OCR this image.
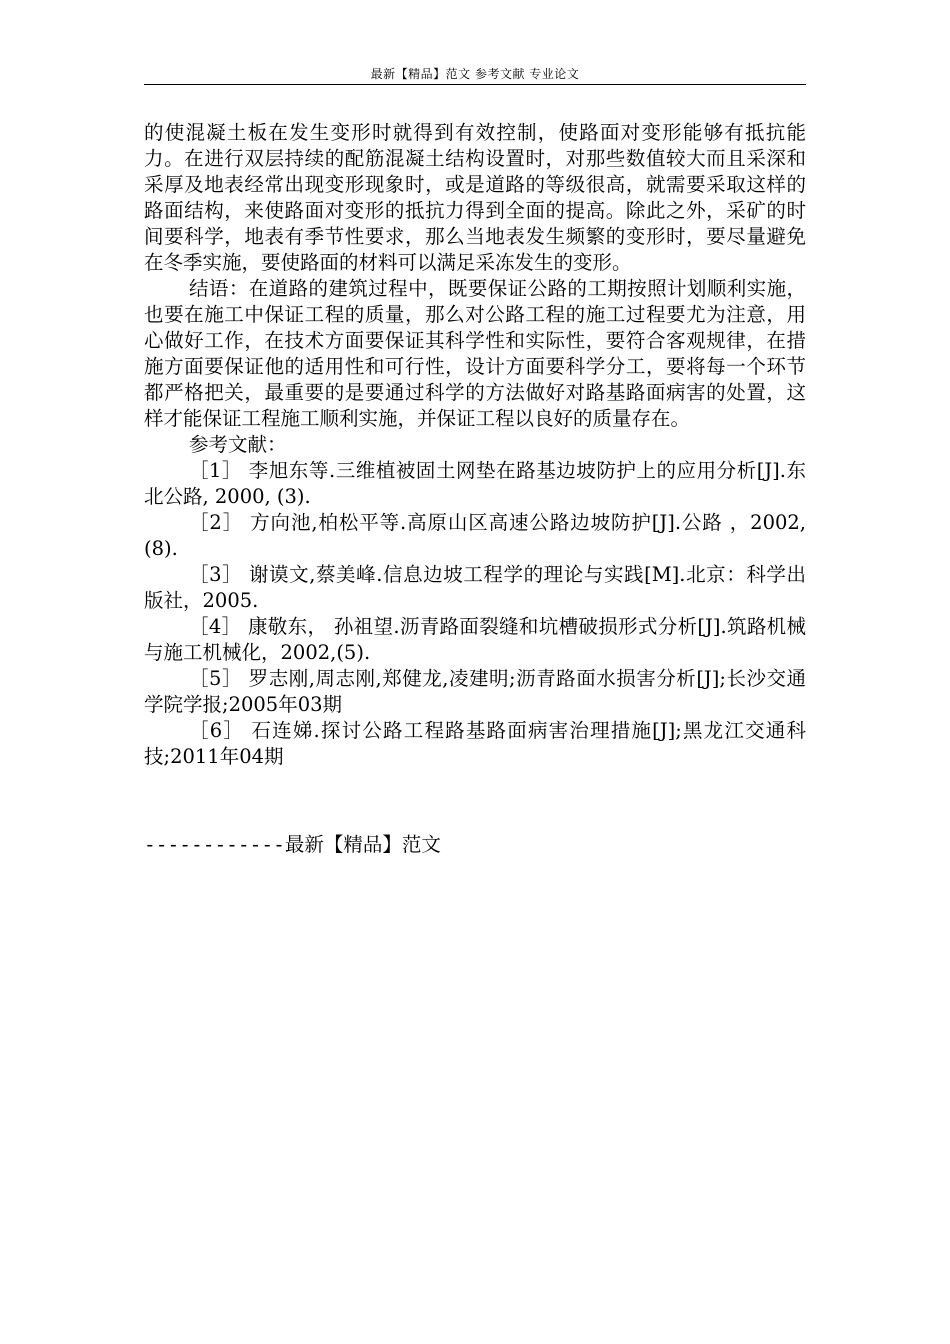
最新【精品】范文 参考文献 专业论文

的使混凝土板在发生变形时就得到有效控制，使路面对变形能够有抵抗能力。在进行双层持续的配筋混凝土结构设置时，对那些数值较大而且采深和采厚及地表经常出现变形现象时，或是道路的等级很高，就需要采取这样的路面结构，来使路面对变形的抵抗力得到全面的提高。除此之外，采矿的时间要科学，地表有季节性要求，那么当地表发生频繁的变形时，要尽量避免在冬季实施，要使路面的材料可以满足采冻发生的变形。

结语：在道路的建筑过程中，既要保证公路的工期按照计划顺利实施，也要在施工中保证工程的质量，那么对公路工程的施工过程要尤为注意，用心做好工作，在技术方面要保证其科学性和实际性，要符合客观规律，在措施方面要保证他的适用性和可行性，设计方面要科学分工，要将每一个环节都严格把关，最重要的是要通过科学的方法做好对路基路面病害的处置，这样才能保证工程施工顺利实施，并保证工程以良好的质量存在。

参考文献：

［1］ 李旭东等.三维植被固土网垫在路基边坡防护上的应用分析[J].东北公路, 2000, (3).

［2］ 方向池,柏松平等.高原山区高速公路边坡防护[J].公路 ，2002,(8).

［3］ 谢谟文,蔡美峰.信息边坡工程学的理论与实践[M].北京：科学出版社，2005.

［4］ 康敬东， 孙祖望.沥青路面裂缝和坑槽破损形式分析[J].筑路机械与施工机械化，2002,(5).

［5］ 罗志刚,周志刚,郑健龙,凌建明;沥青路面水损害分析[J];长沙交通学院学报;2005年03期

［6］ 石连娣.探讨公路工程路基路面病害治理措施[J];黑龙江交通科技;2011年04期

------------最新【精品】范文
